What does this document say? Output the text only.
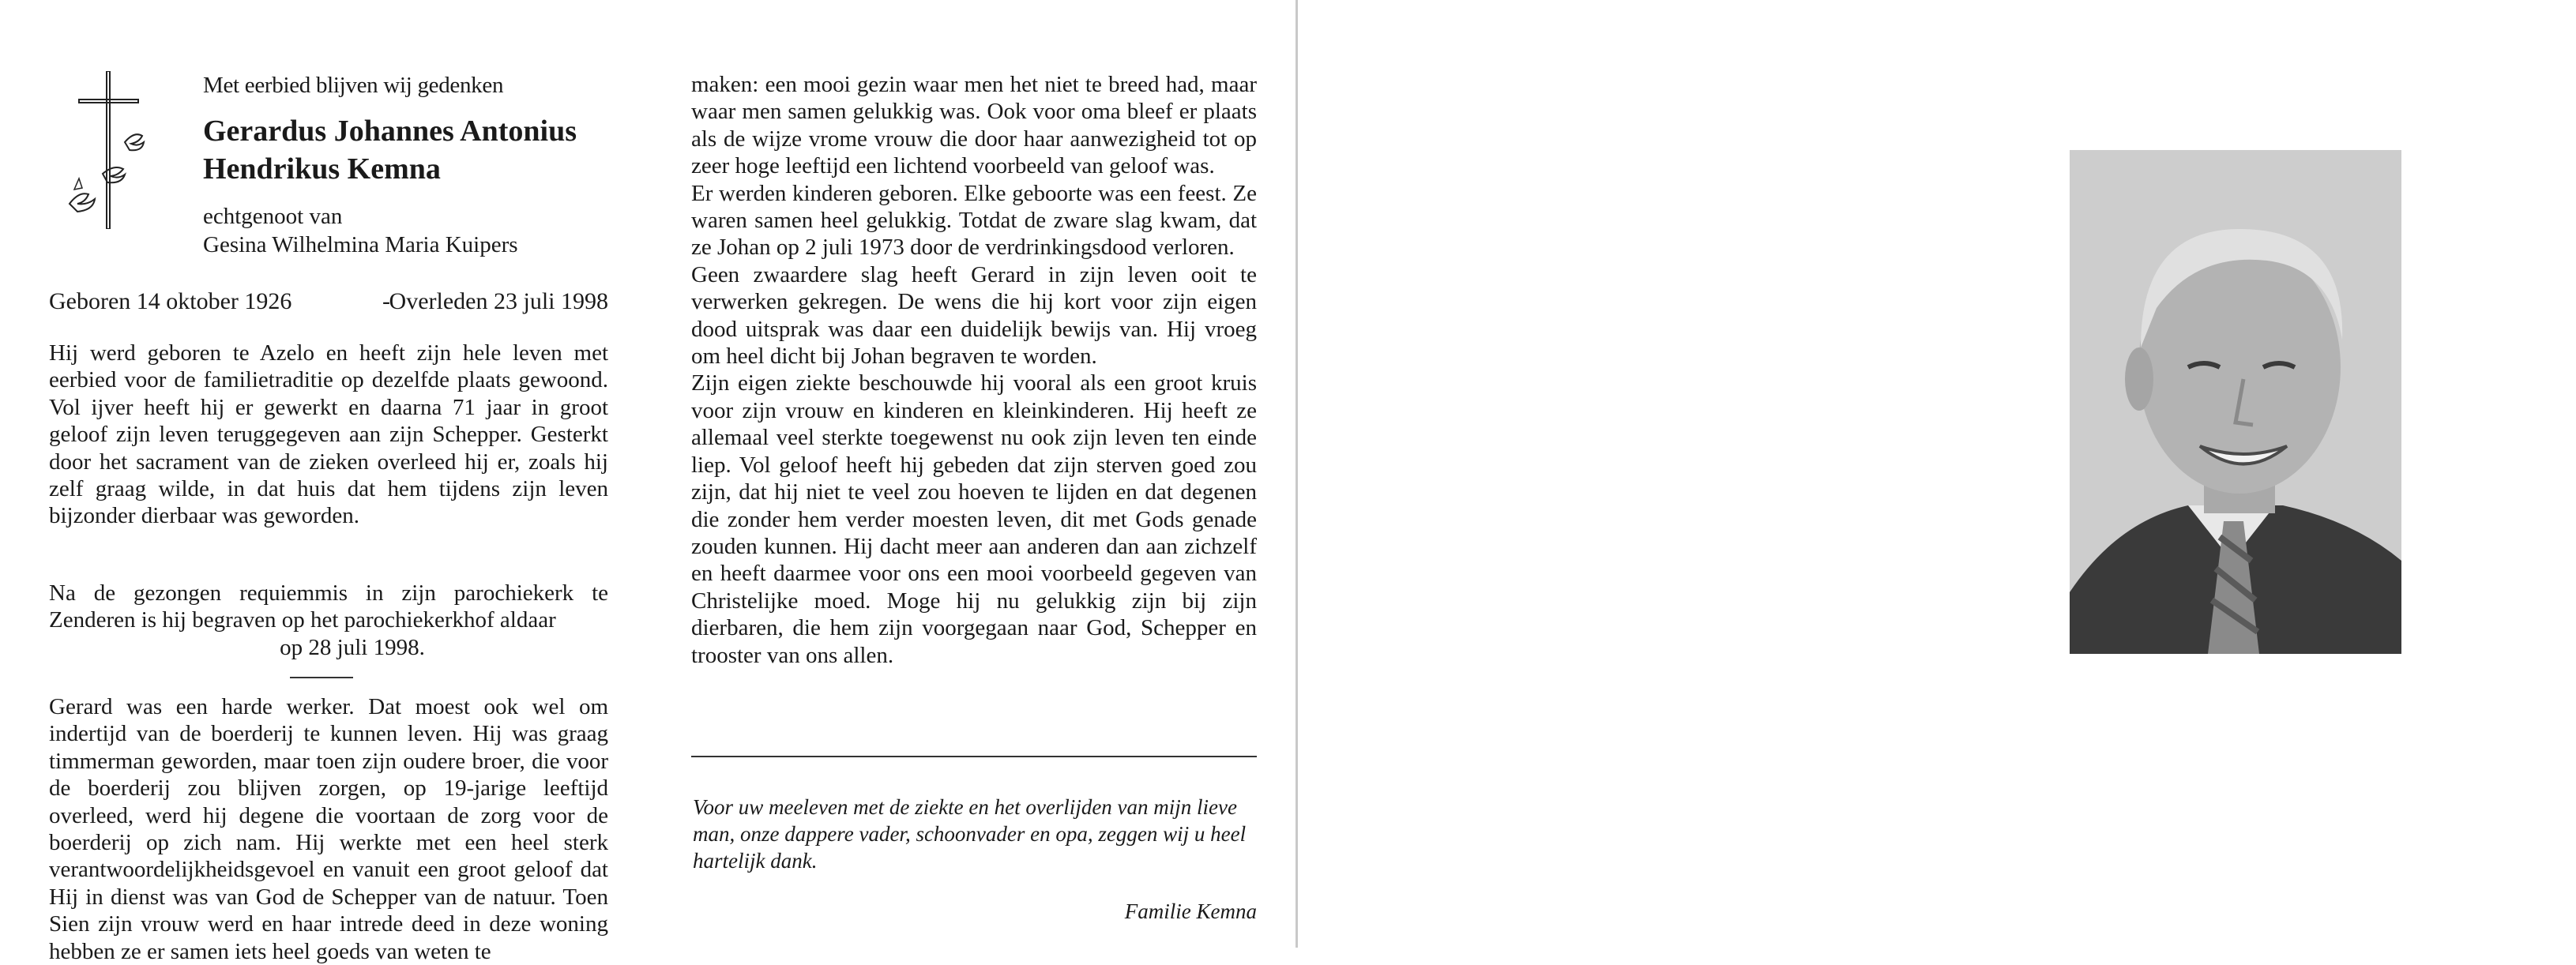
Met eerbied blijven wij gedenken

Gerardus Johannes Antonius

Hendrikus Kemna

echtgenoot van

Gesina Wilhelmina Maria Kuipers

Geboren 14 oktober 1926	-
Overleden 23 juli 1998

Hij werd geboren te Azelo en heeft zijn hele leven met eerbied voor de familietraditie op dezelfde plaats gewoond. Vol ijver heeft hij er gewerkt en daarna 71 jaar in groot geloof zijn leven teruggegeven aan zijn Schepper. Gesterkt door het sacrament van de zieken overleed hij er, zoals hij zelf graag wilde, in dat huis dat hem tijdens zijn leven bijzonder dierbaar was geworden.

Na de gezongen requiemmis in zijn parochiekerk te Zenderen is hij begraven op het parochiekerkhof aldaar

op 28 juli 1998.

Gerard was een harde werker. Dat moest ook wel om indertijd van de boerderij te kunnen leven. Hij was graag timmerman geworden, maar toen zijn oudere broer, die voor de boerderij zou blijven zorgen, op 19-jarige leeftijd overleed, werd hij degene die voortaan de zorg voor de boerderij op zich nam. Hij werkte met een heel sterk verantwoordelijkheidsgevoel en vanuit een groot geloof dat Hij in dienst was van God de Schepper van de natuur. Toen Sien zijn vrouw werd en haar intrede deed in deze woning hebben ze er samen iets heel goeds van weten te

maken: een mooi gezin waar men het niet te breed had, maar waar men samen gelukkig was. Ook voor oma bleef er plaats als de wijze vrome vrouw die door haar aanwezigheid tot op zeer hoge leeftijd een lichtend voorbeeld van geloof was.

Er werden kinderen geboren. Elke geboorte was een feest. Ze waren samen heel gelukkig. Totdat de zware slag kwam, dat ze Johan op 2 juli 1973 door de verdrinkingsdood verloren.

Geen zwaardere slag heeft Gerard in zijn leven ooit te verwerken gekregen. De wens die hij kort voor zijn eigen dood uitsprak was daar een duidelijk bewijs van. Hij vroeg om heel dicht bij Johan begraven te worden.

Zijn eigen ziekte beschouwde hij vooral als een groot kruis voor zijn vrouw en kinderen en kleinkinderen. Hij heeft ze allemaal veel sterkte toegewenst nu ook zijn leven ten einde liep. Vol geloof heeft hij gebeden dat zijn sterven goed zou zijn, dat hij niet te veel zou hoeven te lijden en dat degenen die zonder hem verder moesten leven, dit met Gods genade zouden kunnen. Hij dacht meer aan anderen dan aan zichzelf en heeft daarmee voor ons een mooi voorbeeld gegeven van Christelijke moed. Moge hij nu gelukkig zijn bij zijn dierbaren, die hem zijn voorgegaan naar God, Schepper en trooster van ons allen.

Voor uw meeleven met de ziekte en het overlijden van mijn lieve man, onze dappere vader, schoonvader en opa, zeggen wij u heel hartelijk dank.

Familie Kemna
